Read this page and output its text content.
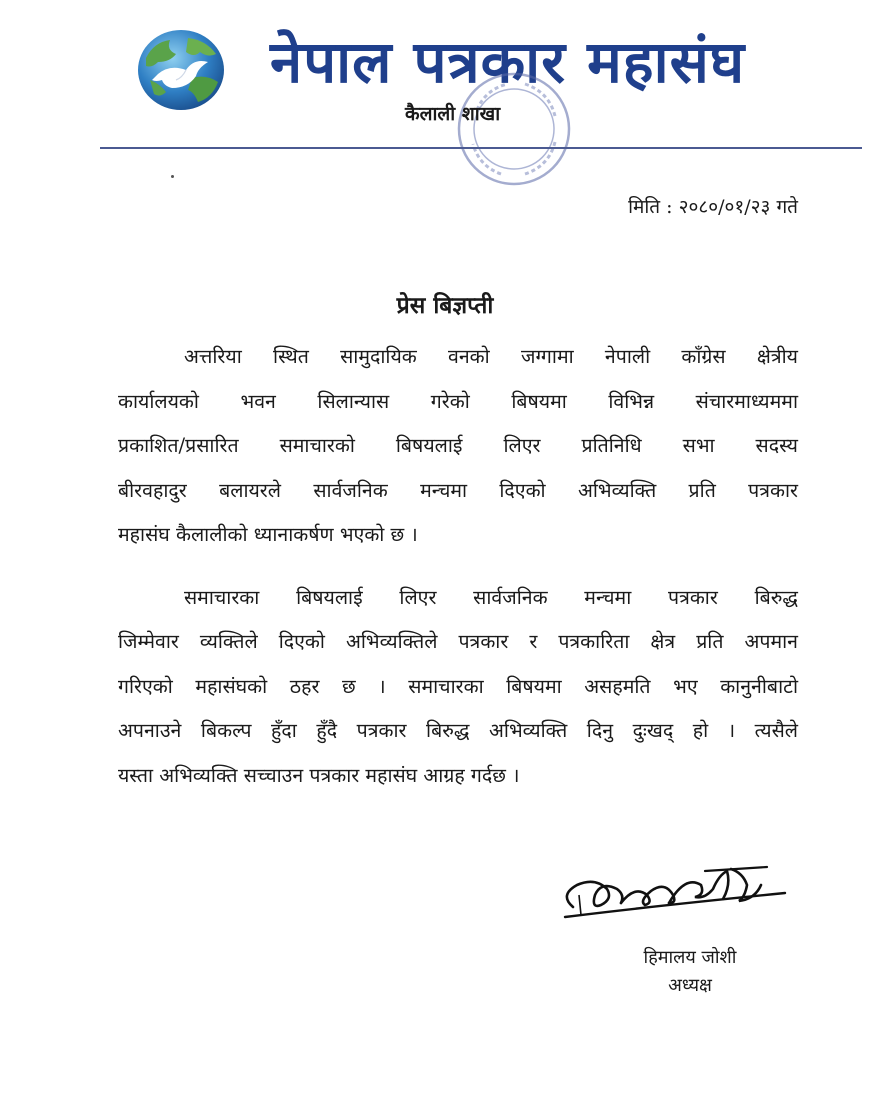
नेपाल पत्रकार महासंघ
कैलाली शाखा
मिति : २०८०/०१/२३ गते
प्रेस बिज्ञप्ती
अत्तरिया स्थित सामुदायिक वनको जग्गामा नेपाली काँग्रेस क्षेत्रीय
कार्यालयको भवन सिलान्यास गरेको बिषयमा विभिन्न संचारमाध्यममा
प्रकाशित/प्रसारित समाचारको बिषयलाई लिएर प्रतिनिधि सभा सदस्य
बीरवहादुर बलायरले सार्वजनिक मन्चमा दिएको अभिव्यक्ति प्रति पत्रकार
महासंघ कैलालीको ध्यानाकर्षण भएको छ ।
समाचारका बिषयलाई लिएर सार्वजनिक मन्चमा पत्रकार बिरुद्ध
जिम्मेवार व्यक्तिले दिएको अभिव्यक्तिले पत्रकार र पत्रकारिता क्षेत्र प्रति अपमान
गरिएको महासंघको ठहर छ । समाचारका बिषयमा असहमति भए कानुनीबाटो
अपनाउने बिकल्प हुँदा हुँदै पत्रकार बिरुद्ध अभिव्यक्ति दिनु दुःखद् हो । त्यसैले
यस्ता अभिव्यक्ति सच्चाउन पत्रकार महासंघ आग्रह गर्दछ ।
हिमालय जोशी
अध्यक्ष
